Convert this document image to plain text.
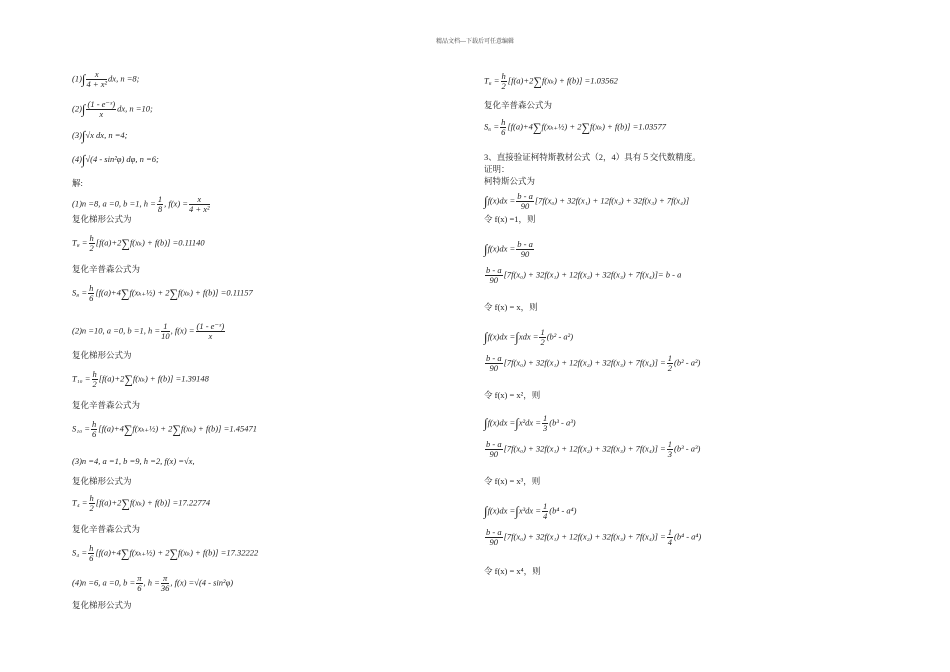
精品文档---下载后可任意编辑
$(1)\int \frac{x}{\text{4 + x²}}$ dx, n =8;
$(2)\int \frac{\text{(1 - e⁻ˣ)}}{x}$ dx, n =10;
(3)∫√x dx, n =4;
(4)∫√(4 - sin²φ) dφ, n =6;
解:
(1)n =8, a =0, b =1, $h = \frac{1}{8}$ , $f(x) = \frac{x}{\text{4 + x²}}$
复化梯形公式为
$T_8 = \frac{h}{2} [f(a)+2\sum f(x_k) + f(b)] =0.11140$
复化辛普森公式为
$S_8 = \frac{h}{6}$ [f(a)+4∑f(xₖ₊½) + 2∑f(xₖ) + f(b)] =0.11157
(2)n =10, a =0, b =1, $h = \frac{1}{10}$ , $f(x) = \frac{\text{(1 - e⁻ˣ)}}{x}$
复化梯形公式为
$T_{10} = \frac{h}{2} [f(a)+2\sum f(x_k) + f(b)] =1.39148$
复化辛普森公式为
$S_{10} = \frac{h}{6}$ [f(a)+4∑f(xₖ₊½) + 2∑f(xₖ) + f(b)] =1.45471
(3)n =4, a =1, b =9, h =2, f(x) =√x,
复化梯形公式为
$T_4 = \frac{h}{2} [f(a)+2\sum f(x_k) + f(b)] =17.22774$
复化辛普森公式为
$S_4 = \frac{h}{6}$ [f(a)+4∑f(xₖ₊½) + 2∑f(xₖ) + f(b)] =17.32222
(4)n =6, a =0, $b = \frac{\pi}{6}$ , $h = \frac{\pi}{36}$ , f(x) =√(4 - sin²φ)
复化梯形公式为
$T_6 = \frac{h}{2} [f(a)+2\sum f(x_k) + f(b)] =1.03562$
复化辛普森公式为
$S_6 = \frac{h}{6}$ [f(a)+4∑f(xₖ₊½) + 2∑f(xₖ) + f(b)] =1.03577
3、直接验证柯特斯教材公式（2，4）具有５交代数精度。
证明：
柯特斯公式为
$\int f(x)dx = \frac{b - a}{90} [7f(x_0) + 32f(x_1) + 12f(x_2) + 32f(x_3) + 7f(x_4)]$
令 f(x) =1，则
$\int f(x)dx = \frac{b - a}{90}$
$\frac{b - a}{90} [7f(x_0) + 32f(x_1) + 12f(x_2) + 32f(x_3) + 7f(x_4)]= b - a$
令 f(x) = x，则
$\int f(x)dx =\int xdx = \frac{1}{2} (b^2 - a^2)$
$\frac{b - a}{90} [7f(x_0) + 32f(x_1) + 12f(x_2) + 32f(x_3) + 7f(x_4)] = \frac{1}{2} (b^2 - a^2)$
令 f(x) = x²，则
$\int f(x)dx =\int x^2dx = \frac{1}{3} (b^3 - a^3)$
$\frac{b - a}{90} [7f(x_0) + 32f(x_1) + 12f(x_2) + 32f(x_3) + 7f(x_4)] = \frac{1}{3} (b^3 - a^3)$
令 f(x) = x³，则
$\int f(x)dx =\int x^3dx = \frac{1}{4} (b^4 - a^4)$
$\frac{b - a}{90} [7f(x_0) + 32f(x_1) + 12f(x_2) + 32f(x_3) + 7f(x_4)] = \frac{1}{4} (b^4 - a^4)$
令 f(x) = x⁴，则
